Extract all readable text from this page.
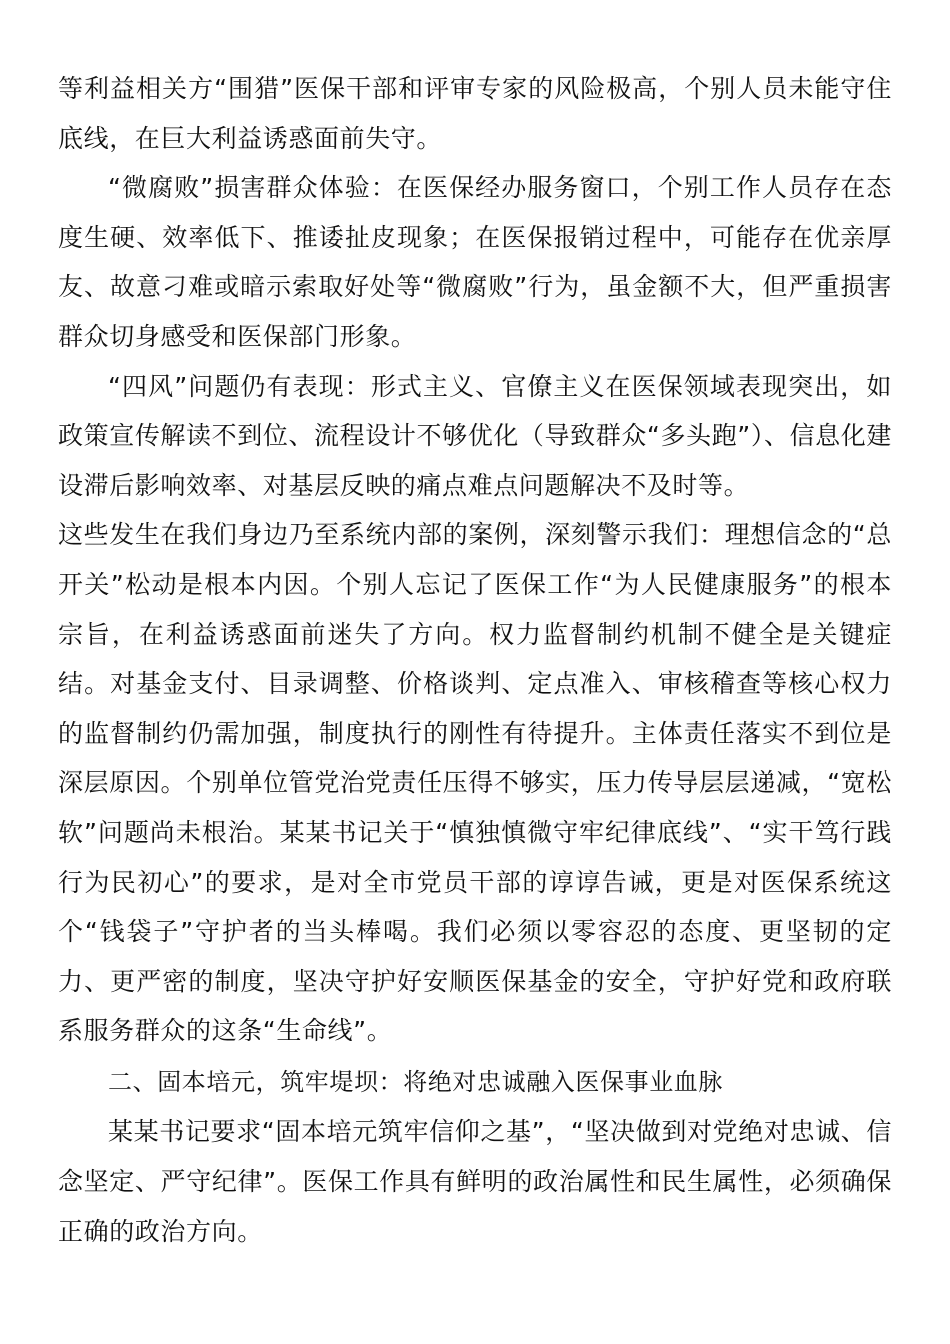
等利益相关方“围猎”医保干部和评审专家的风险极高，个别人员未能守住底线，在巨大利益诱惑面前失守。

“微腐败”损害群众体验：在医保经办服务窗口，个别工作人员存在态度生硬、效率低下、推诿扯皮现象；在医保报销过程中，可能存在优亲厚友、故意刁难或暗示索取好处等“微腐败”行为，虽金额不大，但严重损害群众切身感受和医保部门形象。

“四风”问题仍有表现：形式主义、官僚主义在医保领域表现突出，如政策宣传解读不到位、流程设计不够优化（导致群众“多头跑”）、信息化建设滞后影响效率、对基层反映的痛点难点问题解决不及时等。

这些发生在我们身边乃至系统内部的案例，深刻警示我们：理想信念的“总开关”松动是根本内因。个别人忘记了医保工作“为人民健康服务”的根本宗旨，在利益诱惑面前迷失了方向。权力监督制约机制不健全是关键症结。对基金支付、目录调整、价格谈判、定点准入、审核稽查等核心权力的监督制约仍需加强，制度执行的刚性有待提升。主体责任落实不到位是深层原因。个别单位管党治党责任压得不够实，压力传导层层递减，“宽松软”问题尚未根治。某某书记关于“慎独慎微守牢纪律底线”、“实干笃行践行为民初心”的要求，是对全市党员干部的谆谆告诫，更是对医保系统这个“钱袋子”守护者的当头棒喝。我们必须以零容忍的态度、更坚韧的定力、更严密的制度，坚决守护好安顺医保基金的安全，守护好党和政府联系服务群众的这条“生命线”。

二、固本培元，筑牢堤坝：将绝对忠诚融入医保事业血脉

某某书记要求“固本培元筑牢信仰之基”，“坚决做到对党绝对忠诚、信念坚定、严守纪律”。医保工作具有鲜明的政治属性和民生属性，必须确保正确的政治方向。
